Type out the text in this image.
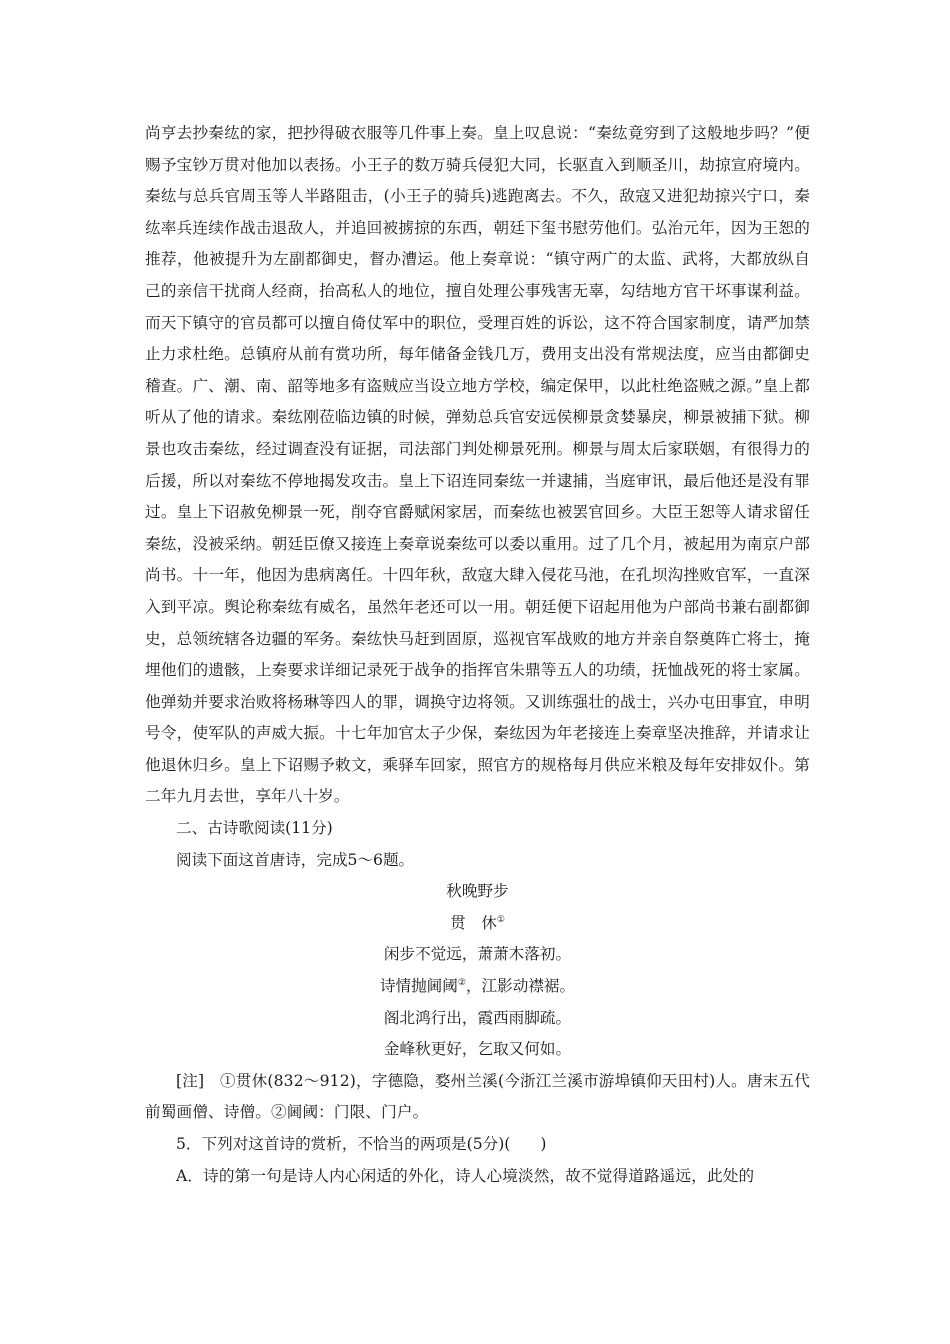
尚亨去抄秦纮的家，把抄得破衣服等几件事上奏。皇上叹息说：“秦纮竟穷到了这般地步吗？”便赐予宝钞万贯对他加以表扬。小王子的数万骑兵侵犯大同，长驱直入到顺圣川，劫掠宣府境内。秦纮与总兵官周玉等人半路阻击，(小王子的骑兵)逃跑离去。不久，敌寇又进犯劫掠兴宁口，秦纮率兵连续作战击退敌人，并追回被掳掠的东西，朝廷下玺书慰劳他们。弘治元年，因为王恕的推荐，他被提升为左副都御史，督办漕运。他上奏章说：“镇守两广的太监、武将，大都放纵自己的亲信干扰商人经商，抬高私人的地位，擅自处理公事残害无辜，勾结地方官干坏事谋利益。而天下镇守的官员都可以擅自倚仗军中的职位，受理百姓的诉讼，这不符合国家制度，请严加禁止力求杜绝。总镇府从前有赏功所，每年储备金钱几万，费用支出没有常规法度，应当由都御史稽查。广、潮、南、韶等地多有盗贼应当设立地方学校，编定保甲，以此杜绝盗贼之源。”皇上都听从了他的请求。秦纮刚莅临边镇的时候，弹劾总兵官安远侯柳景贪婪暴戾，柳景被捕下狱。柳景也攻击秦纮，经过调查没有证据，司法部门判处柳景死刑。柳景与周太后家联姻，有很得力的后援，所以对秦纮不停地揭发攻击。皇上下诏连同秦纮一并逮捕，当庭审讯，最后他还是没有罪过。皇上下诏赦免柳景一死，削夺官爵赋闲家居，而秦纮也被罢官回乡。大臣王恕等人请求留任秦纮，没被采纳。朝廷臣僚又接连上奏章说秦纮可以委以重用。过了几个月，被起用为南京户部尚书。十一年，他因为患病离任。十四年秋，敌寇大肆入侵花马池，在孔坝沟挫败官军，一直深入到平凉。舆论称秦纮有威名，虽然年老还可以一用。朝廷便下诏起用他为户部尚书兼右副都御史，总领统辖各边疆的军务。秦纮快马赶到固原，巡视官军战败的地方并亲自祭奠阵亡将士，掩埋他们的遗骸，上奏要求详细记录死于战争的指挥官朱鼎等五人的功绩，抚恤战死的将士家属。他弹劾并要求治败将杨琳等四人的罪，调换守边将领。又训练强壮的战士，兴办屯田事宜，申明号令，使军队的声威大振。十七年加官太子少保，秦纮因为年老接连上奏章坚决推辞，并请求让他退休归乡。皇上下诏赐予敕文，乘驿车回家，照官方的规格每月供应米粮及每年安排奴仆。第二年九月去世，享年八十岁。

二、古诗歌阅读(11分)

阅读下面这首唐诗，完成5～6题。

秋晚野步
贯　休①
闲步不觉远，萧萧木落初。
诗情抛阃阈②，江影动襟裾。
阁北鸿行出，霞西雨脚疏。
金峰秋更好，乞取又何如。

[注]　①贯休(832～912)，字德隐，婺州兰溪(今浙江兰溪市游埠镇仰天田村)人。唐末五代前蜀画僧、诗僧。②阃阈：门限、门户。

5．下列对这首诗的赏析，不恰当的两项是(5分)( )

A．诗的第一句是诗人内心闲适的外化，诗人心境淡然，故不觉得道路遥远，此处的
